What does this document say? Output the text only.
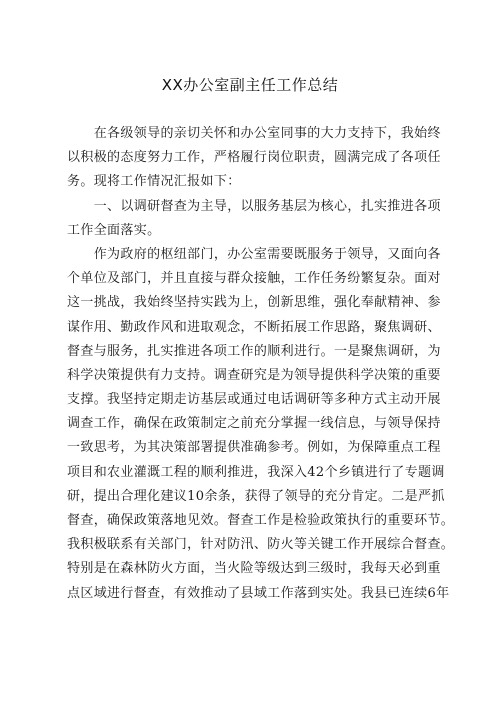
XX办公室副主任工作总结
　　在各级领导的亲切关怀和办公室同事的大力支持下，我始终
以积极的态度努力工作，严格履行岗位职责，圆满完成了各项任
务。现将工作情况汇报如下：
　　一、以调研督查为主导，以服务基层为核心，扎实推进各项
工作全面落实。
　　作为政府的枢纽部门，办公室需要既服务于领导，又面向各
个单位及部门，并且直接与群众接触，工作任务纷繁复杂。面对
这一挑战，我始终坚持实践为上，创新思维，强化奉献精神、参
谋作用、勤政作风和进取观念，不断拓展工作思路，聚焦调研、
督查与服务，扎实推进各项工作的顺利进行。一是聚焦调研，为
科学决策提供有力支持。调查研究是为领导提供科学决策的重要
支撑。我坚持定期走访基层或通过电话调研等多种方式主动开展
调查工作，确保在政策制定之前充分掌握一线信息，与领导保持
一致思考，为其决策部署提供准确参考。例如，为保障重点工程
项目和农业灌溉工程的顺利推进，我深入42个乡镇进行了专题调
研，提出合理化建议10余条，获得了领导的充分肯定。二是严抓
督查，确保政策落地见效。督查工作是检验政策执行的重要环节。
我积极联系有关部门，针对防汛、防火等关键工作开展综合督查。
特别是在森林防火方面，当火险等级达到三级时，我每天必到重
点区域进行督查，有效推动了县域工作落到实处。我县已连续6年
